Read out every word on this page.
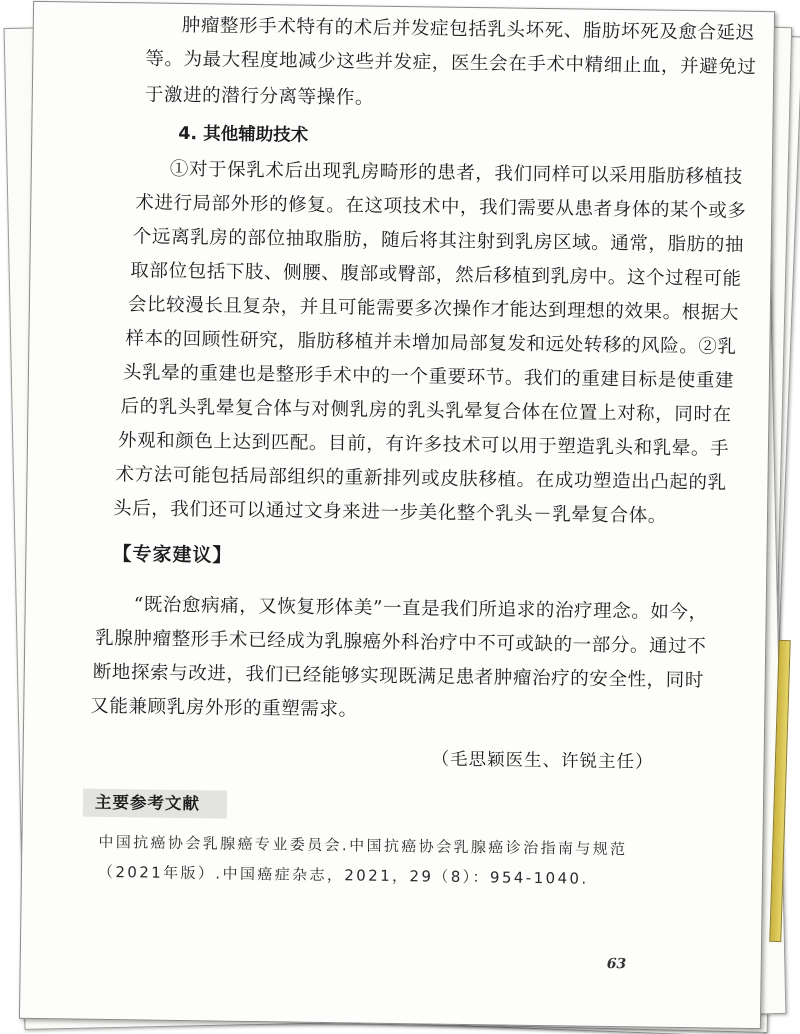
肿瘤整形手术特有的术后并发症包括乳头坏死、脂肪坏死及愈合延迟
等。为最大程度地减少这些并发症，医生会在手术中精细止血，并避免过
于激进的潜行分离等操作。
4. 其他辅助技术
①对于保乳术后出现乳房畸形的患者，我们同样可以采用脂肪移植技
术进行局部外形的修复。在这项技术中，我们需要从患者身体的某个或多
个远离乳房的部位抽取脂肪，随后将其注射到乳房区域。通常，脂肪的抽
取部位包括下肢、侧腰、腹部或臀部，然后移植到乳房中。这个过程可能
会比较漫长且复杂，并且可能需要多次操作才能达到理想的效果。根据大
样本的回顾性研究，脂肪移植并未增加局部复发和远处转移的风险。②乳
头乳晕的重建也是整形手术中的一个重要环节。我们的重建目标是使重建
后的乳头乳晕复合体与对侧乳房的乳头乳晕复合体在位置上对称，同时在
外观和颜色上达到匹配。目前，有许多技术可以用于塑造乳头和乳晕。手
术方法可能包括局部组织的重新排列或皮肤移植。在成功塑造出凸起的乳
头后，我们还可以通过文身来进一步美化整个乳头－乳晕复合体。
【专家建议】
“既治愈病痛，又恢复形体美”一直是我们所追求的治疗理念。如今，
乳腺肿瘤整形手术已经成为乳腺癌外科治疗中不可或缺的一部分。通过不
断地探索与改进，我们已经能够实现既满足患者肿瘤治疗的安全性，同时
又能兼顾乳房外形的重塑需求。
（毛思颖医生、许锐主任）
主要参考文献
中国抗癌协会乳腺癌专业委员会.中国抗癌协会乳腺癌诊治指南与规范
（2021年版）.中国癌症杂志，2021，29（8）：954-1040.
63
